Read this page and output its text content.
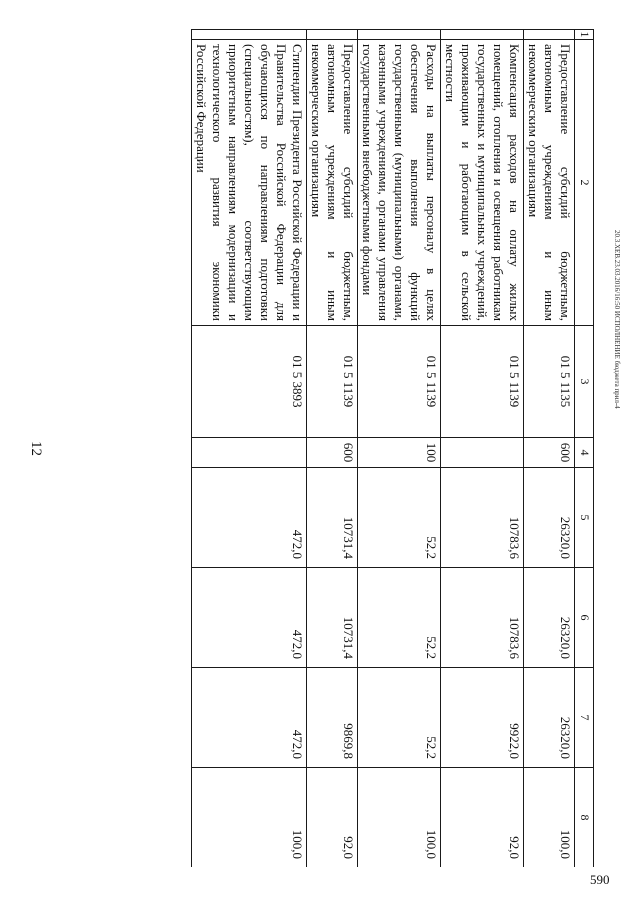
12
590
20.3.XEB.23.03.2016/16:50 ИСПОЛНЕНИЕ бюджета прил-4
1	2	3	4	5	6	7	8
	Предоставление субсидий бюджетным, автономным учреждениям и иным некоммерческим организациям	01 5 1135	600	26320,0	26320,0	26320,0	100,0
	Компенсация расходов на оплату жилых помещений, отопления и освещения работникам государственных и муниципальных учреждений, проживающим и работающим в сельской местности	01 5 1139		10783,6	10783,6	9922,0	92,0
	Расходы на выплаты персоналу в целях обеспечения выполнения функций государственными (муниципальными) органами, казенными учреждениями, органами управления государственными внебюджетными фондами	01 5 1139	100	52,2	52,2	52,2	100,0
	Предоставление субсидий бюджетным, автономным учреждениям и иным некоммерческим организациям	01 5 1139	600	10731,4	10731,4	9869,8	92,0
	Стипендии Президента Российской Федерации и Правительства Российской Федерации для обучающихся по направлениям подготовки (специальностям), соответствующим приоритетным направлениям модернизации и технологического развития экономики Российской Федерации	01 5 3893		472,0	472,0	472,0	100,0
